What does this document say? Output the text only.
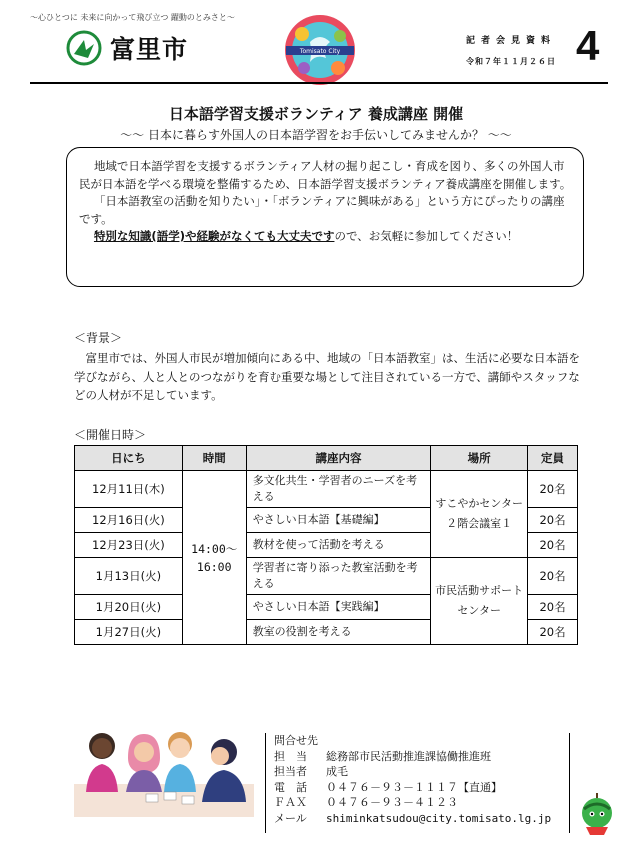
～心ひとつに 未来に向かって飛び立つ 躍動のとみさと～
富里市	Tomisato City
記者会見資料
令和７年１１月２６日 4
日本語学習支援ボランティア 養成講座 開催
～～ 日本に暮らす外国人の日本語学習をお手伝いしてみませんか？ ～～

地域で日本語学習を支援するボランティア人材の掘り起こし・育成を図り、多くの外国人市民が日本語を学べる環境を整備するため、日本語学習支援ボランティア養成講座を開催します。

「日本語教室の活動を知りたい」・「ボランティアに興味がある」という方にぴったりの講座です。

特別な知識(語学)や経験がなくても大丈夫ですので、お気軽に参加してください！

＜背景＞
富里市では、外国人市民が増加傾向にある中、地域の「日本語教室」は、生活に必要な日本語を学びながら、人と人とのつながりを育む重要な場として注目されている一方で、講師やスタッフなどの人材が不足しています。
＜開催日時＞
日にち	時間	講座内容	場所	定員
12月11日(木)	14:00～16:00	多文化共生・学習者のニーズを考える	すこやかセンター２階会議室１	20名
12月16日(火)		やさしい日本語【基礎編】		20名
12月23日(火)		教材を使って活動を考える		20名
1月13日(火)		学習者に寄り添った教室活動を考える	市民活動サポートセンター	20名
1月20日(火)		やさしい日本語【実践編】		20名
1月27日(火)		教室の役割を考える		20名
問合せ先
担　当 総務部市民活動推進課協働推進班
担当者 成毛
電　話 ０４７６－９３－１１１７【直通】
ＦＡＸ ０４７６－９３－４１２３
メール shiminkatsudou@city.tomisato.lg.jp
